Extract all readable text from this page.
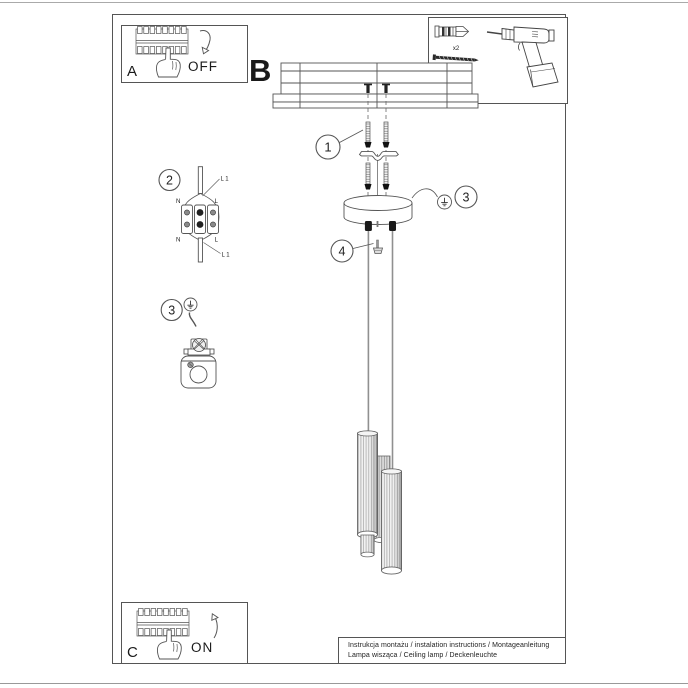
A	OFF B
x2
1
3
4
2
N	L
N	L
L 1
L 1
3
C	ON	Instrukcja montażu / instalation instructions / Montageanleitung
Lampa wisząca / Ceiling lamp / Deckenleuchte
